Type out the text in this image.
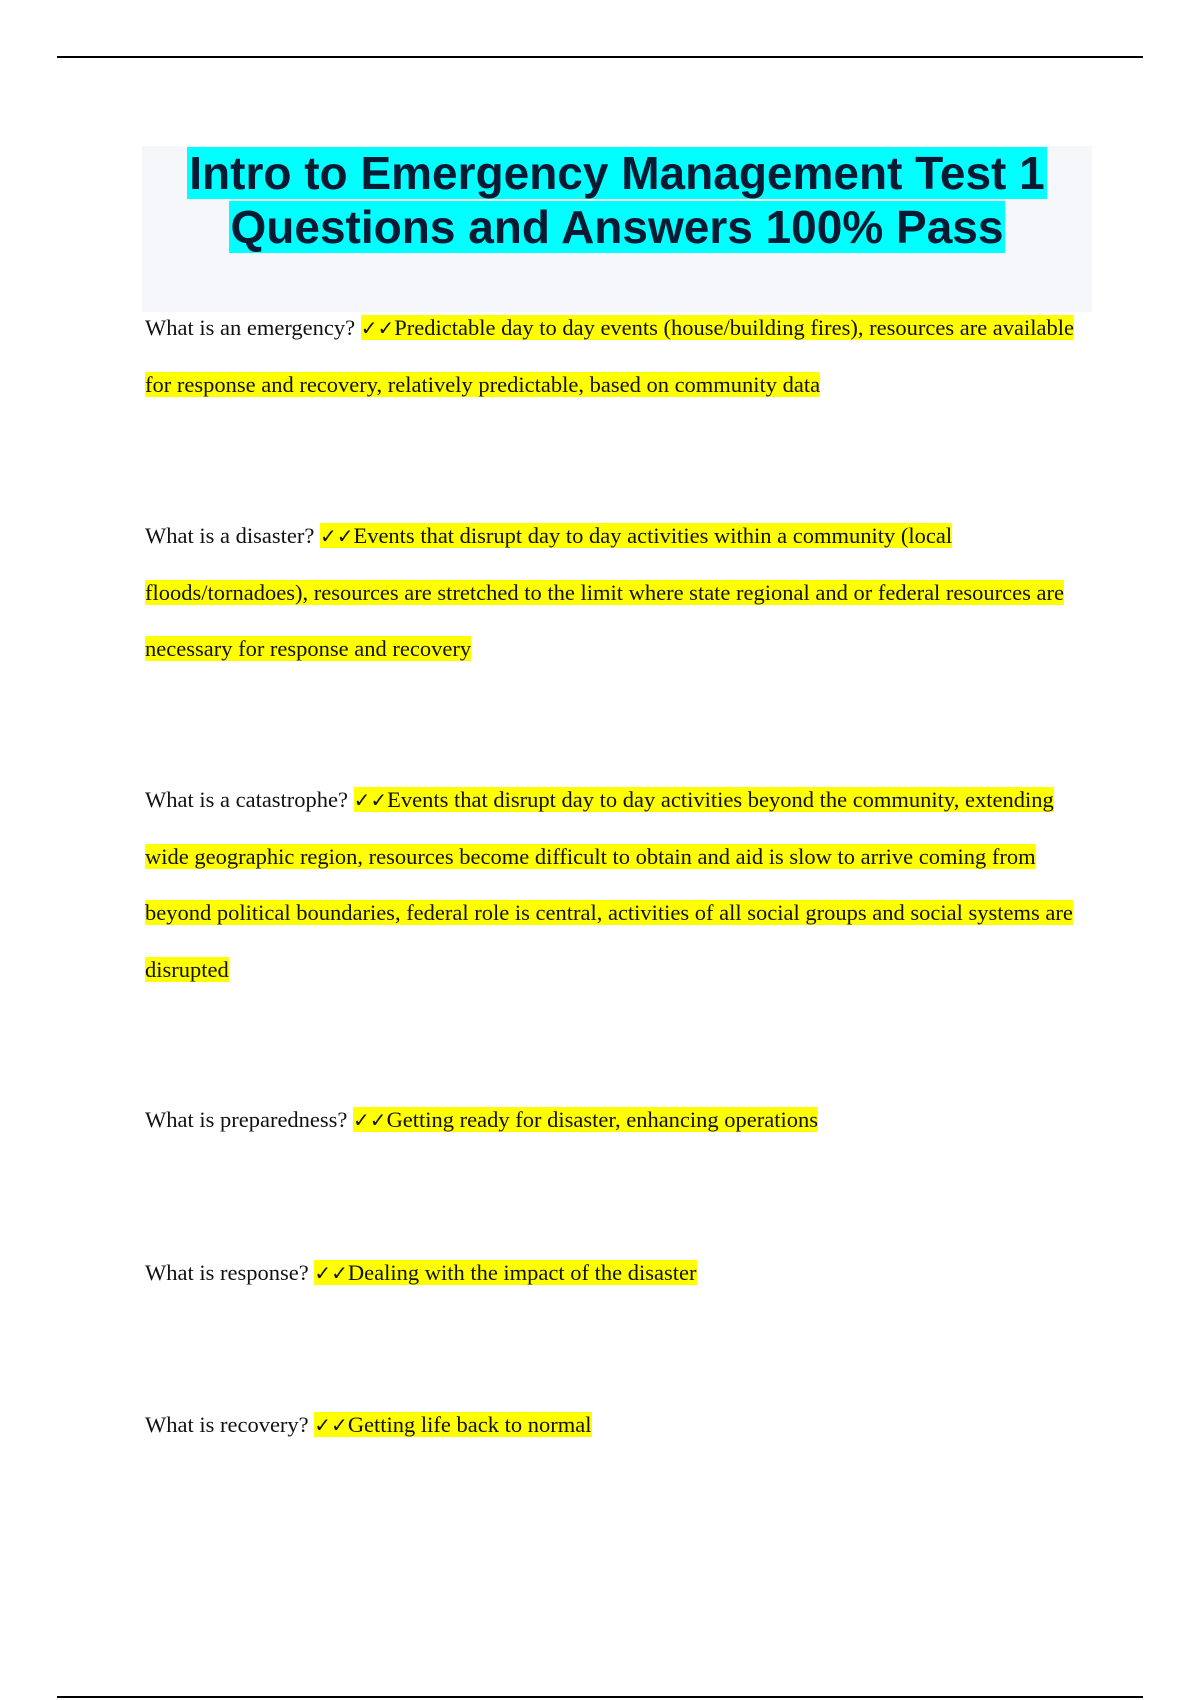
Intro to Emergency Management Test 1
Questions and Answers 100% Pass
What is an emergency? ✓✓Predictable day to day events (house/building fires), resources are available for response and recovery, relatively predictable, based on community data
What is a disaster? ✓✓Events that disrupt day to day activities within a community (local floods/tornadoes), resources are stretched to the limit where state regional and or federal resources are necessary for response and recovery
What is a catastrophe? ✓✓Events that disrupt day to day activities beyond the community, extending wide geographic region, resources become difficult to obtain and aid is slow to arrive coming from beyond political boundaries, federal role is central, activities of all social groups and social systems are disrupted
What is preparedness? ✓✓Getting ready for disaster, enhancing operations
What is response? ✓✓Dealing with the impact of the disaster
What is recovery? ✓✓Getting life back to normal
